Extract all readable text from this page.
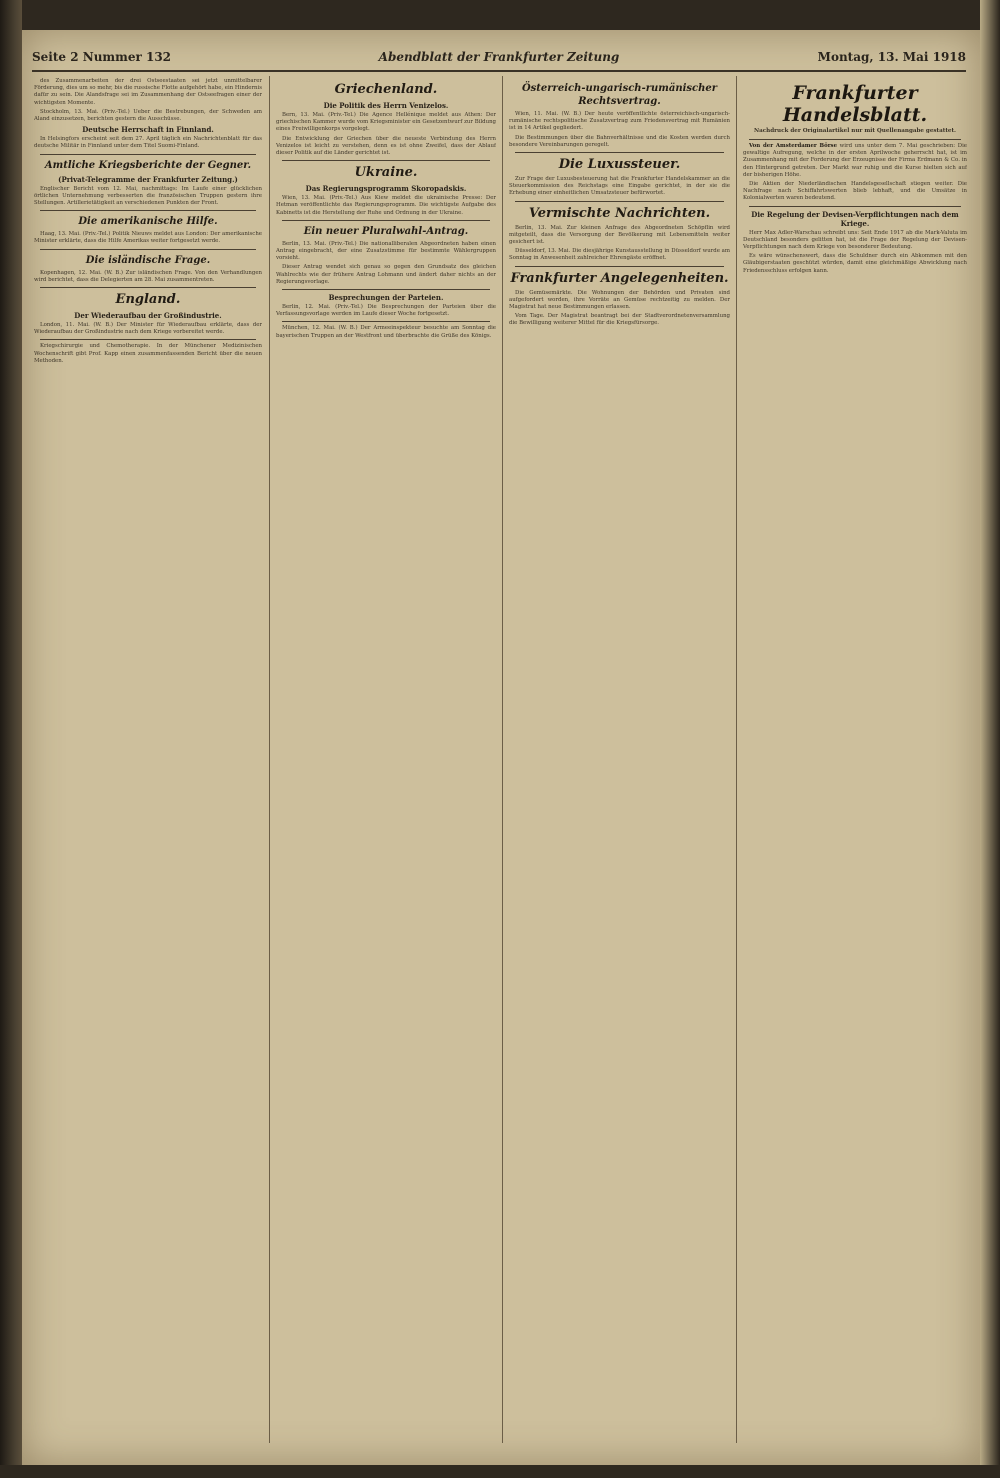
Seite 2 Nummer 132	Abendblatt der Frankfurter Zeitung	Montag, 13. Mai 1918

des Zusammenarbeiten der drei Ostseestaaten sei jetzt unmittelbarer Förderung, dies um so mehr, bis die russische Flotte aufgehört habe, ein Hindernis dafür zu sein. Die Alandsfrage sei im Zusammenhang der Ostseefragen einer der wichtigsten Momente.

Stockholm, 13. Mai. (Priv.-Tel.) Ueber die Bestrebungen, der Schweden am Aland einzusetzen, berichten gestern die Ausschüsse.

Deutsche Herrschaft in Finnland.

In Helsingfors erscheint seit dem 27. April täglich ein Nachrichtenblatt für das deutsche Militär in Finnland unter dem Titel Suomi-Finland.

Amtliche Kriegsberichte der Gegner.
(Privat-Telegramme der Frankfurter Zeitung.)

Englischer Bericht vom 12. Mai, nachmittags: Im Laufe einer glücklichen örtlichen Unternehmung verbesserten die französischen Truppen gestern ihre Stellungen. Artillerietätigkeit an verschiedenen Punkten der Front.

Die amerikanische Hilfe.

Haag, 13. Mai. (Priv.-Tel.) Politik Nieuws meldet aus London: Der amerikanische Minister erklärte, dass die Hilfe Amerikas weiter fortgesetzt werde.

Die isländische Frage.

Kopenhagen, 12. Mai. (W. B.) Zur isländischen Frage. Von den Verhandlungen wird berichtet, dass die Delegierten am 28. Mai zusammentreten.

England.
Der Wiederaufbau der Großindustrie.

London, 11. Mai. (W. B.) Der Minister für Wiederaufbau erklärte, dass der Wiederaufbau der Großindustrie nach dem Kriege vorbereitet werde.

Kriegschirurgie und Chemotherapie. In der Münchener Medizinischen Wochenschrift gibt Prof. Kapp einen zusammenfassenden Bericht über die neuen Methoden.

Griechenland.
Die Politik des Herrn Venizelos.

Bern, 13. Mai. (Priv.-Tel.) Die Agence Hellénique meldet aus Athen: Der griechischen Kammer wurde vom Kriegsminister ein Gesetzentwurf zur Bildung eines Freiwilligenkorps vorgelegt.

Die Entwicklung der Griechen über die neueste Verbindung des Herrn Venizelos ist leicht zu verstehen, denn es ist ohne Zweifel, dass der Ablauf dieser Politik auf die Länder gerichtet ist.

Ukraine.
Das Regierungsprogramm Skoropadskis.

Wien, 13. Mai. (Priv.-Tel.) Aus Kiew meldet die ukrainische Presse: Der Hetman veröffentlichte das Regierungsprogramm. Die wichtigste Aufgabe des Kabinetts ist die Herstellung der Ruhe und Ordnung in der Ukraine.

Ein neuer Pluralwahl-Antrag.

Berlin, 13. Mai. (Priv.-Tel.) Die nationalliberalen Abgeordneten haben einen Antrag eingebracht, der eine Zusatzstimme für bestimmte Wählergruppen vorsieht.

Dieser Antrag wendet sich genau so gegen den Grundsatz des gleichen Wahlrechts wie der frühere Antrag Lohmann und ändert daher nichts an der Regierungsvorlage.

Besprechungen der Parteien.

Berlin, 12. Mai. (Priv.-Tel.) Die Besprechungen der Parteien über die Verfassungsvorlage werden im Laufe dieser Woche fortgesetzt.

München, 12. Mai. (W. B.) Der Armeeinspekteur besuchte am Sonntag die bayerischen Truppen an der Westfront und überbrachte die Grüße des Königs.

Österreich-ungarisch-rumänischer Rechtsvertrag.

Wien, 11. Mai. (W. B.) Der heute veröffentlichte österreichisch-ungarisch-rumänische rechtspolitische Zusatzvertrag zum Friedensvertrag mit Rumänien ist in 14 Artikel gegliedert.

Die Bestimmungen über die Bahnverhältnisse und die Kosten werden durch besondere Vereinbarungen geregelt.

Die Luxussteuer.

Zur Frage der Luxusbesteuerung hat die Frankfurter Handelskammer an die Steuerkommission des Reichstags eine Eingabe gerichtet, in der sie die Erhebung einer einheitlichen Umsatzsteuer befürwortet.

Vermischte Nachrichten.

Berlin, 13. Mai. Zur kleinen Anfrage des Abgeordneten Schöpflin wird mitgeteilt, dass die Versorgung der Bevölkerung mit Lebensmitteln weiter gesichert ist.

Düsseldorf, 13. Mai. Die diesjährige Kunstausstellung in Düsseldorf wurde am Sonntag in Anwesenheit zahlreicher Ehrengäste eröffnet.

Frankfurter Angelegenheiten.

Die Gemüsemärkte. Die Wohnungen der Behörden und Privaten sind aufgefordert worden, ihre Vorräte an Gemüse rechtzeitig zu melden. Der Magistrat hat neue Bestimmungen erlassen.

Vom Tage. Der Magistrat beantragt bei der Stadtverordnetenversammlung die Bewilligung weiterer Mittel für die Kriegsfürsorge.

Frankfurter Handelsblatt.
Nachdruck der Originalartikel nur mit Quellenangabe gestattet.

Von der Amsterdamer Börse wird uns unter dem 7. Mai geschrieben: Die gewaltige Aufregung, welche in der ersten Aprilwoche geherrscht hat, ist im Zusammenhang mit der Forderung der Erzeugnisse der Firma Erdmann & Co. in den Hintergrund getreten. Der Markt war ruhig und die Kurse hielten sich auf der bisherigen Höhe.

Die Aktien der Niederländischen Handelsgesellschaft stiegen weiter. Die Nachfrage nach Schiffahrtswerten blieb lebhaft, und die Umsätze in Kolonialwerten waren bedeutend.

Die Regelung der Devisen-Verpflichtungen nach dem Kriege.

Herr Max Adler-Warschau schreibt uns: Seit Ende 1917 ab die Mark-Valuta im Deutschland besonders gelitten hat, ist die Frage der Regelung der Devisen-Verpflichtungen nach dem Kriege von besonderer Bedeutung.

Es wäre wünschenswert, dass die Schuldner durch ein Abkommen mit den Gläubigerstaaten geschützt würden, damit eine gleichmäßige Abwicklung nach Friedensschluss erfolgen kann.
